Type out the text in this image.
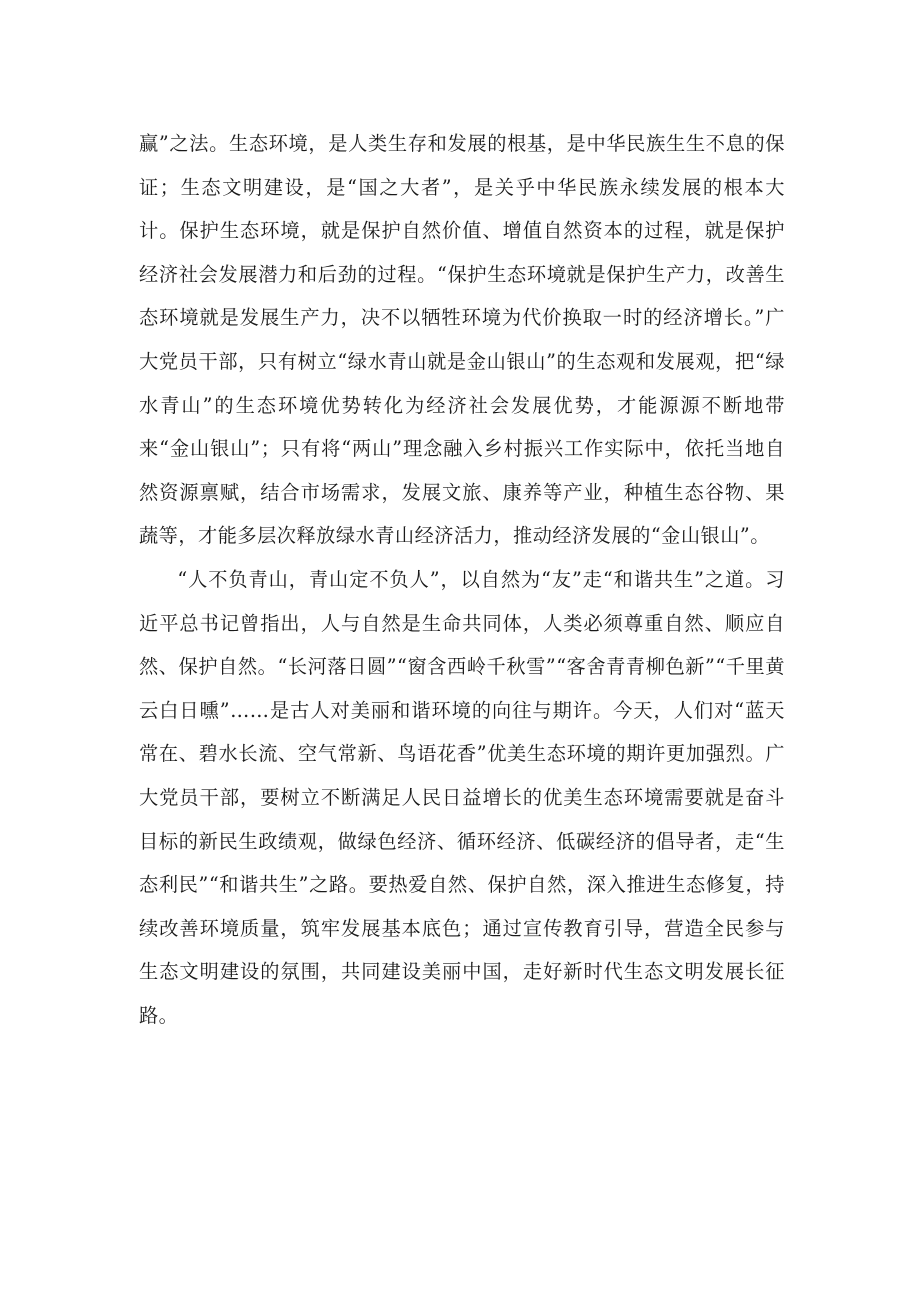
赢”之法。生态环境，是人类生存和发展的根基，是中华民族生生不息的保证；生态文明建设，是“国之大者”，是关乎中华民族永续发展的根本大计。保护生态环境，就是保护自然价值、增值自然资本的过程，就是保护经济社会发展潜力和后劲的过程。“保护生态环境就是保护生产力，改善生态环境就是发展生产力，决不以牺牲环境为代价换取一时的经济增长。”广大党员干部，只有树立“绿水青山就是金山银山”的生态观和发展观，把“绿水青山”的生态环境优势转化为经济社会发展优势，才能源源不断地带来“金山银山”；只有将“两山”理念融入乡村振兴工作实际中，依托当地自然资源禀赋，结合市场需求，发展文旅、康养等产业，种植生态谷物、果蔬等，才能多层次释放绿水青山经济活力，推动经济发展的“金山银山”。

“人不负青山，青山定不负人”，以自然为“友”走“和谐共生”之道。习近平总书记曾指出，人与自然是生命共同体，人类必须尊重自然、顺应自然、保护自然。“长河落日圆”“窗含西岭千秋雪”“客舍青青柳色新”“千里黄云白日曛”……是古人对美丽和谐环境的向往与期许。今天，人们对“蓝天常在、碧水长流、空气常新、鸟语花香”优美生态环境的期许更加强烈。广大党员干部，要树立不断满足人民日益增长的优美生态环境需要就是奋斗目标的新民生政绩观，做绿色经济、循环经济、低碳经济的倡导者，走“生态利民”“和谐共生”之路。要热爱自然、保护自然，深入推进生态修复，持续改善环境质量，筑牢发展基本底色；通过宣传教育引导，营造全民参与生态文明建设的氛围，共同建设美丽中国，走好新时代生态文明发展长征路。
